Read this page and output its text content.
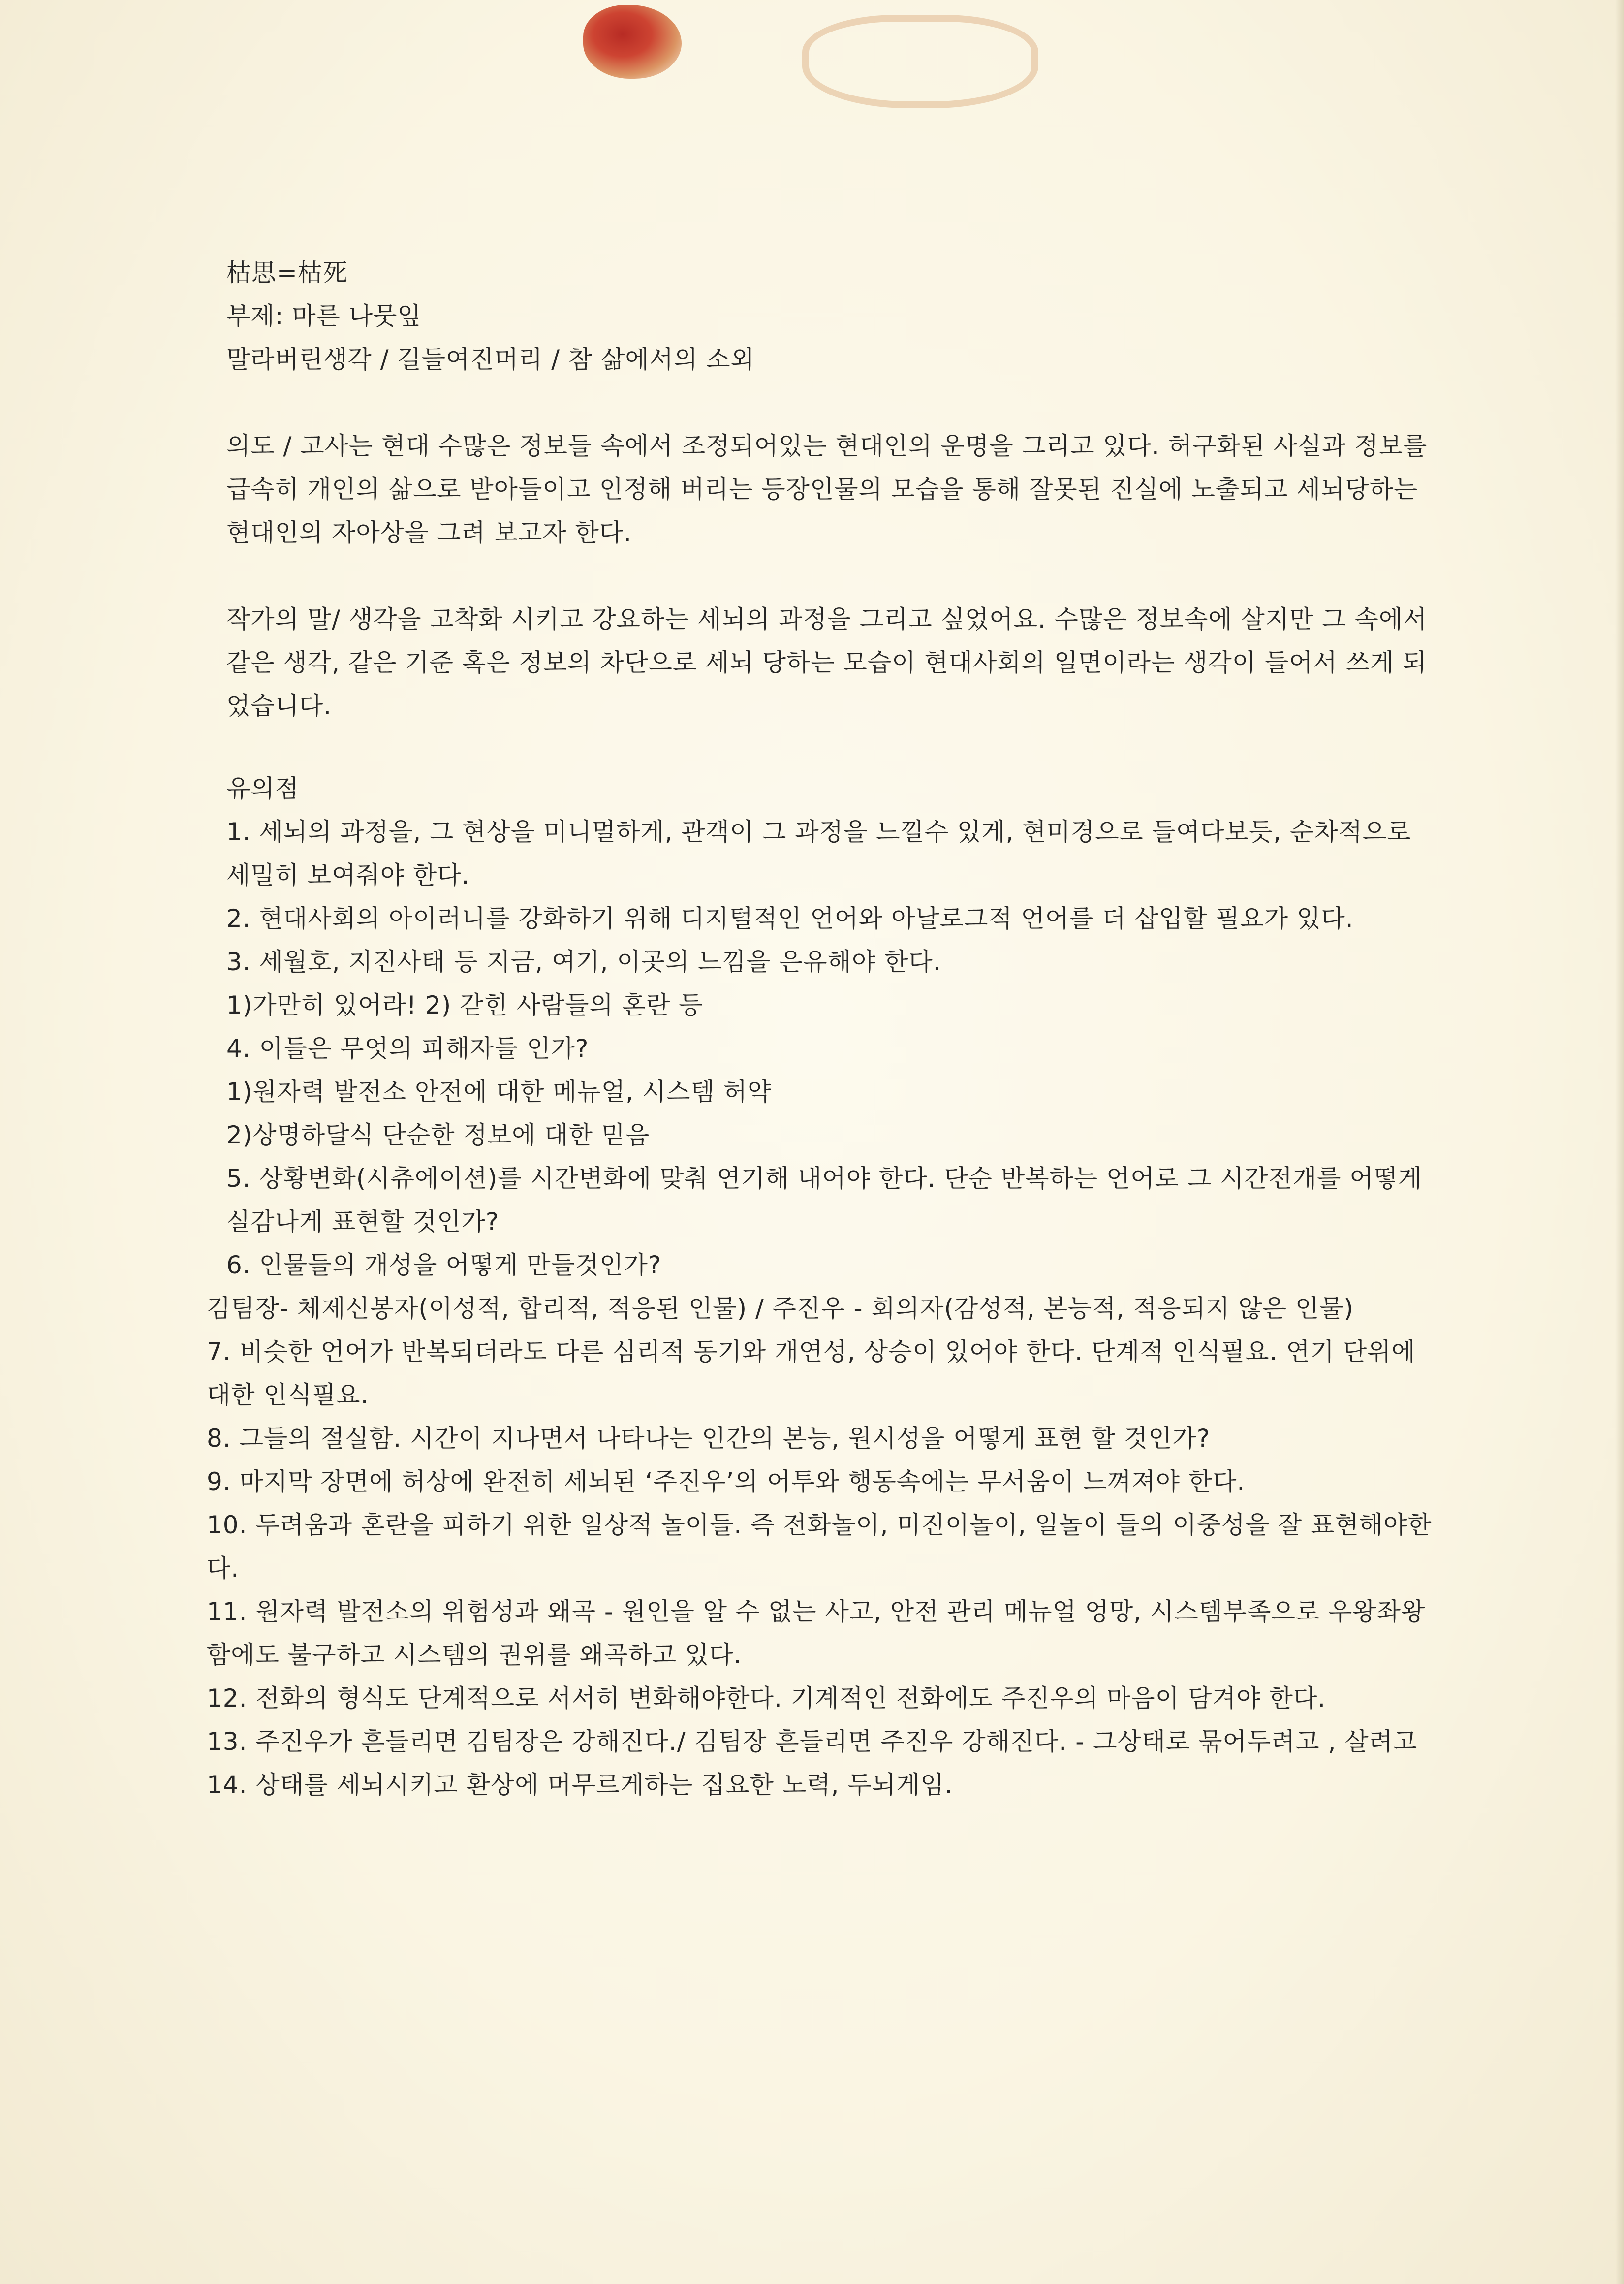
枯思=枯死

부제: 마른 나뭇잎

말라버린생각 / 길들여진머리 / 참 삶에서의 소외

의도 / 고사는 현대 수많은 정보들 속에서 조정되어있는 현대인의 운명을 그리고 있다. 허구화된 사실과 정보를 급속히 개인의 삶으로 받아들이고 인정해 버리는 등장인물의 모습을 통해 잘못된 진실에 노출되고 세뇌당하는 현대인의 자아상을 그려 보고자 한다.

작가의 말/ 생각을 고착화 시키고 강요하는 세뇌의 과정을 그리고 싶었어요. 수많은 정보속에 살지만 그 속에서 같은 생각, 같은 기준 혹은 정보의 차단으로 세뇌 당하는 모습이 현대사회의 일면이라는 생각이 들어서 쓰게 되었습니다.

유의점

1. 세뇌의 과정을, 그 현상을 미니멀하게, 관객이 그 과정을 느낄수 있게, 현미경으로 들여다보듯, 순차적으로 세밀히 보여줘야 한다.

2. 현대사회의 아이러니를 강화하기 위해 디지털적인 언어와 아날로그적 언어를 더 삽입할 필요가 있다.

3. 세월호, 지진사태 등 지금, 여기, 이곳의 느낌을 은유해야 한다.

1)가만히 있어라! 2) 갇힌 사람들의 혼란 등

4. 이들은 무엇의 피해자들 인가?

1)원자력 발전소 안전에 대한 메뉴얼, 시스템 허약

2)상명하달식 단순한 정보에 대한 믿음

5. 상황변화(시츄에이션)를 시간변화에 맞춰 연기해 내어야 한다. 단순 반복하는 언어로 그 시간전개를 어떻게 실감나게 표현할 것인가?

6. 인물들의 개성을 어떻게 만들것인가?

김팀장- 체제신봉자(이성적, 합리적, 적응된 인물) / 주진우 - 회의자(감성적, 본능적, 적응되지 않은 인물)

7. 비슷한 언어가 반복되더라도 다른 심리적 동기와 개연성, 상승이 있어야 한다. 단계적 인식필요. 연기 단위에 대한 인식필요.

8. 그들의 절실함. 시간이 지나면서 나타나는 인간의 본능, 원시성을 어떻게 표현 할 것인가?

9. 마지막 장면에 허상에 완전히 세뇌된 ‘주진우’의 어투와 행동속에는 무서움이 느껴져야 한다.

10. 두려움과 혼란을 피하기 위한 일상적 놀이들. 즉 전화놀이, 미진이놀이, 일놀이 들의 이중성을 잘 표현해야한다.

11. 원자력 발전소의 위험성과 왜곡 - 원인을 알 수 없는 사고, 안전 관리 메뉴얼 엉망, 시스템부족으로 우왕좌왕함에도 불구하고 시스템의 권위를 왜곡하고 있다.

12. 전화의 형식도 단계적으로 서서히 변화해야한다. 기계적인 전화에도 주진우의 마음이 담겨야 한다.

13. 주진우가 흔들리면 김팀장은 강해진다./ 김팀장 흔들리면 주진우 강해진다. - 그상태로 묶어두려고 , 살려고

14. 상태를 세뇌시키고 환상에 머무르게하는 집요한 노력, 두뇌게임.
